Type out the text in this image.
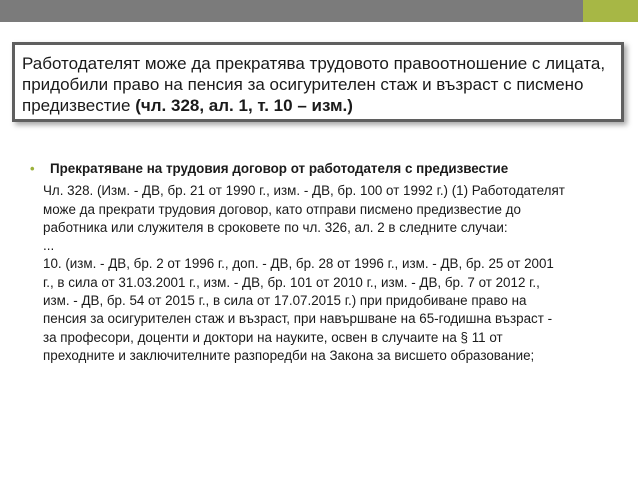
Работодателят може да прекратява трудовото правоотношение с лицата,
придобили право на пенсия за осигурителен стаж и възраст с писмено
предизвестие (чл. 328, ал. 1, т. 10 – изм.)
•	Прекратяване на трудовия договор от работодателя с предизвестие
Чл. 328. (Изм. - ДВ, бр. 21 от 1990 г., изм. - ДВ, бр. 100 от 1992 г.) (1) Работодателят
може да прекрати трудовия договор, като отправи писмено предизвестие до
работника или служителя в сроковете по чл. 326, ал. 2 в следните случаи:
...
10. (изм. - ДВ, бр. 2 от 1996 г., доп. - ДВ, бр. 28 от 1996 г., изм. - ДВ, бр. 25 от 2001
г., в сила от 31.03.2001 г., изм. - ДВ, бр. 101 от 2010 г., изм. - ДВ, бр. 7 от 2012 г.,
изм. - ДВ, бр. 54 от 2015 г., в сила от 17.07.2015 г.) при придобиване право на
пенсия за осигурителен стаж и възраст, при навършване на 65-годишна възраст -
за професори, доценти и доктори на науките, освен в случаите на § 11 от
преходните и заключителните разпоредби на Закона за висшето образование;
